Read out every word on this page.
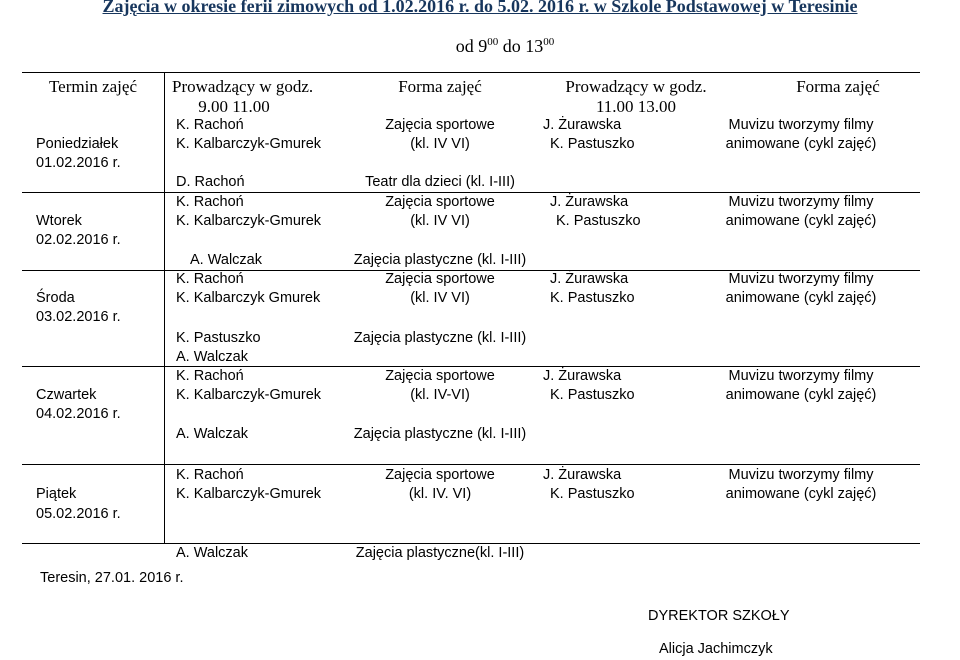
Zajęcia w okresie ferii zimowych od 1.02.2016 r. do 5.02. 2016 r. w Szkole Podstawowej w Teresinie
od $9^{00}$ do $13^{00}$
Termin zajęć	Prowadzący w godz.
9.00 11.00
Forma zajęć	Prowadzący w godz.
11.00 13.00
Forma zajęć
Poniedziałek
01.02.2016 r.
K. Rachoń
K. Kalbarczyk-Gmurek
D. Rachoń
Zajęcia sportowe
(kl. IV VI)
Teatr dla dzieci (kl. I-III)
J. Żurawska
K. Pastuszko
Muvizu tworzymy filmy
animowane (cykl zajęć)
Wtorek
02.02.2016 r.
K. Rachoń
K. Kalbarczyk-Gmurek
A. Walczak
Zajęcia sportowe
(kl. IV VI)
Zajęcia plastyczne (kl. I-III)
J. Żurawska
K. Pastuszko
Muvizu tworzymy filmy
animowane (cykl zajęć)
Środa
03.02.2016 r.
K. Rachoń
K. Kalbarczyk Gmurek
K. Pastuszko
A. Walczak
Zajęcia sportowe
(kl. IV VI)
Zajęcia plastyczne (kl. I-III)
J. Żurawska
K. Pastuszko
Muvizu tworzymy filmy
animowane (cykl zajęć)
Czwartek
04.02.2016 r.
K. Rachoń
K. Kalbarczyk-Gmurek
A. Walczak
Zajęcia sportowe
(kl. IV-VI)
Zajęcia plastyczne (kl. I-III)
J. Żurawska
K. Pastuszko
Muvizu tworzymy filmy
animowane (cykl zajęć)
Piątek
05.02.2016 r.
K. Rachoń
K. Kalbarczyk-Gmurek
A. Walczak
Zajęcia sportowe
(kl. IV. VI)
Zajęcia plastyczne(kl. I-III)
J. Żurawska
K. Pastuszko
Muvizu tworzymy filmy
animowane (cykl zajęć)
Teresin, 27.01. 2016 r.
DYREKTOR SZKOŁY
Alicja Jachimczyk
